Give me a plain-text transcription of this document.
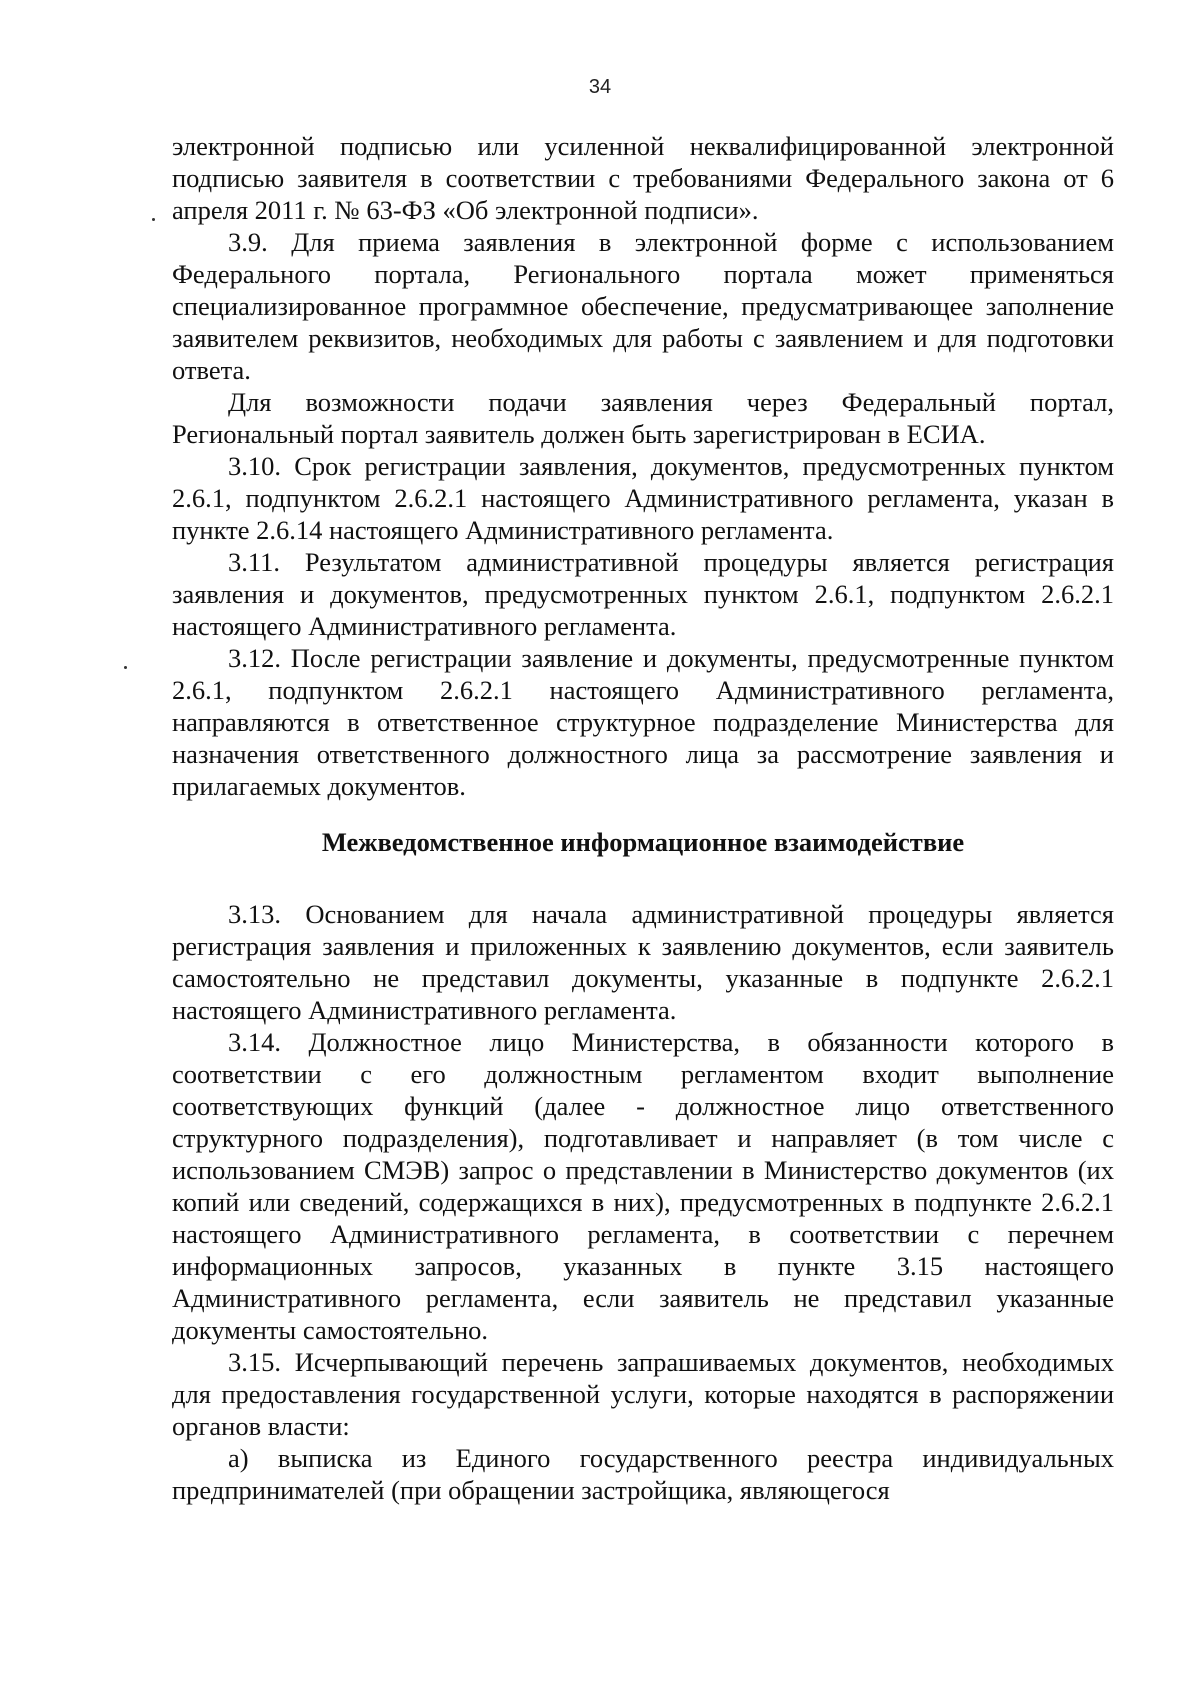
34

электронной подписью или усиленной неквалифицированной электронной подписью заявителя в соответствии с требованиями Федерального закона от 6 апреля 2011 г. № 63-ФЗ «Об электронной подписи».

3.9. Для приема заявления в электронной форме с использованием Федерального портала, Регионального портала может применяться специализированное программное обеспечение, предусматривающее заполнение заявителем реквизитов, необходимых для работы с заявлением и для подготовки ответа.

Для возможности подачи заявления через Федеральный портал, Региональный портал заявитель должен быть зарегистрирован в ЕСИА.

3.10. Срок регистрации заявления, документов, предусмотренных пунктом 2.6.1, подпунктом 2.6.2.1 настоящего Административного регламента, указан в пункте 2.6.14 настоящего Административного регламента.

3.11. Результатом административной процедуры является регистрация заявления и документов, предусмотренных пунктом 2.6.1, подпунктом 2.6.2.1 настоящего Административного регламента.

3.12. После регистрации заявление и документы, предусмотренные пунктом 2.6.1, подпунктом 2.6.2.1 настоящего Административного регламента, направляются в ответственное структурное подразделение Министерства для назначения ответственного должностного лица за рассмотрение заявления и прилагаемых документов.

Межведомственное информационное взаимодействие

3.13. Основанием для начала административной процедуры является регистрация заявления и приложенных к заявлению документов, если заявитель самостоятельно не представил документы, указанные в подпункте 2.6.2.1 настоящего Административного регламента.

3.14. Должностное лицо Министерства, в обязанности которого в соответствии с его должностным регламентом входит выполнение соответствующих функций (далее - должностное лицо ответственного структурного подразделения), подготавливает и направляет (в том числе с использованием СМЭВ) запрос о представлении в Министерство документов (их копий или сведений, содержащихся в них), предусмотренных в подпункте 2.6.2.1 настоящего Административного регламента, в соответствии с перечнем информационных запросов, указанных в пункте 3.15 настоящего Административного регламента, если заявитель не представил указанные документы самостоятельно.

3.15. Исчерпывающий перечень запрашиваемых документов, необходимых для предоставления государственной услуги, которые находятся в распоряжении органов власти:

а) выписка из Единого государственного реестра индивидуальных предпринимателей (при обращении застройщика, являющегося
